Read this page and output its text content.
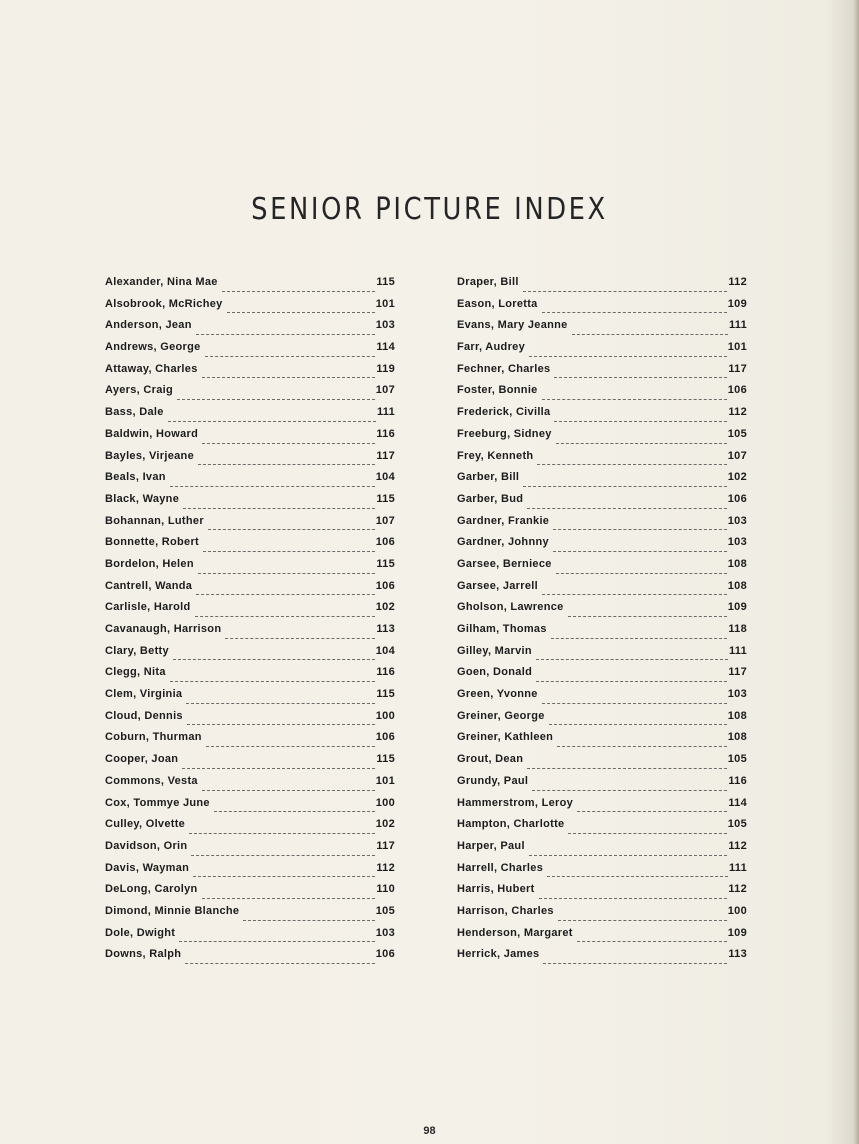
SENIOR PICTURE INDEX
Alexander, Nina Mae	115
Alsobrook, McRichey	101
Anderson, Jean	103
Andrews, George	114
Attaway, Charles	119
Ayers, Craig	107
Bass, Dale	111
Baldwin, Howard	116
Bayles, Virjeane	117
Beals, Ivan	104
Black, Wayne	115
Bohannan, Luther	107
Bonnette, Robert	106
Bordelon, Helen	115
Cantrell, Wanda	106
Carlisle, Harold	102
Cavanaugh, Harrison	113
Clary, Betty	104
Clegg, Nita	116
Clem, Virginia	115
Cloud, Dennis	100
Coburn, Thurman	106
Cooper, Joan	115
Commons, Vesta	101
Cox, Tommye June	100
Culley, Olvette	102
Davidson, Orin	117
Davis, Wayman	112
DeLong, Carolyn	110
Dimond, Minnie Blanche	105
Dole, Dwight	103
Downs, Ralph	106
Draper, Bill	112
Eason, Loretta	109
Evans, Mary Jeanne	111
Farr, Audrey	101
Fechner, Charles	117
Foster, Bonnie	106
Frederick, Civilla	112
Freeburg, Sidney	105
Frey, Kenneth	107
Garber, Bill	102
Garber, Bud	106
Gardner, Frankie	103
Gardner, Johnny	103
Garsee, Berniece	108
Garsee, Jarrell	108
Gholson, Lawrence	109
Gilham, Thomas	118
Gilley, Marvin	111
Goen, Donald	117
Green, Yvonne	103
Greiner, George	108
Greiner, Kathleen	108
Grout, Dean	105
Grundy, Paul	116
Hammerstrom, Leroy	114
Hampton, Charlotte	105
Harper, Paul	112
Harrell, Charles	111
Harris, Hubert	112
Harrison, Charles	100
Henderson, Margaret	109
Herrick, James	113
98
